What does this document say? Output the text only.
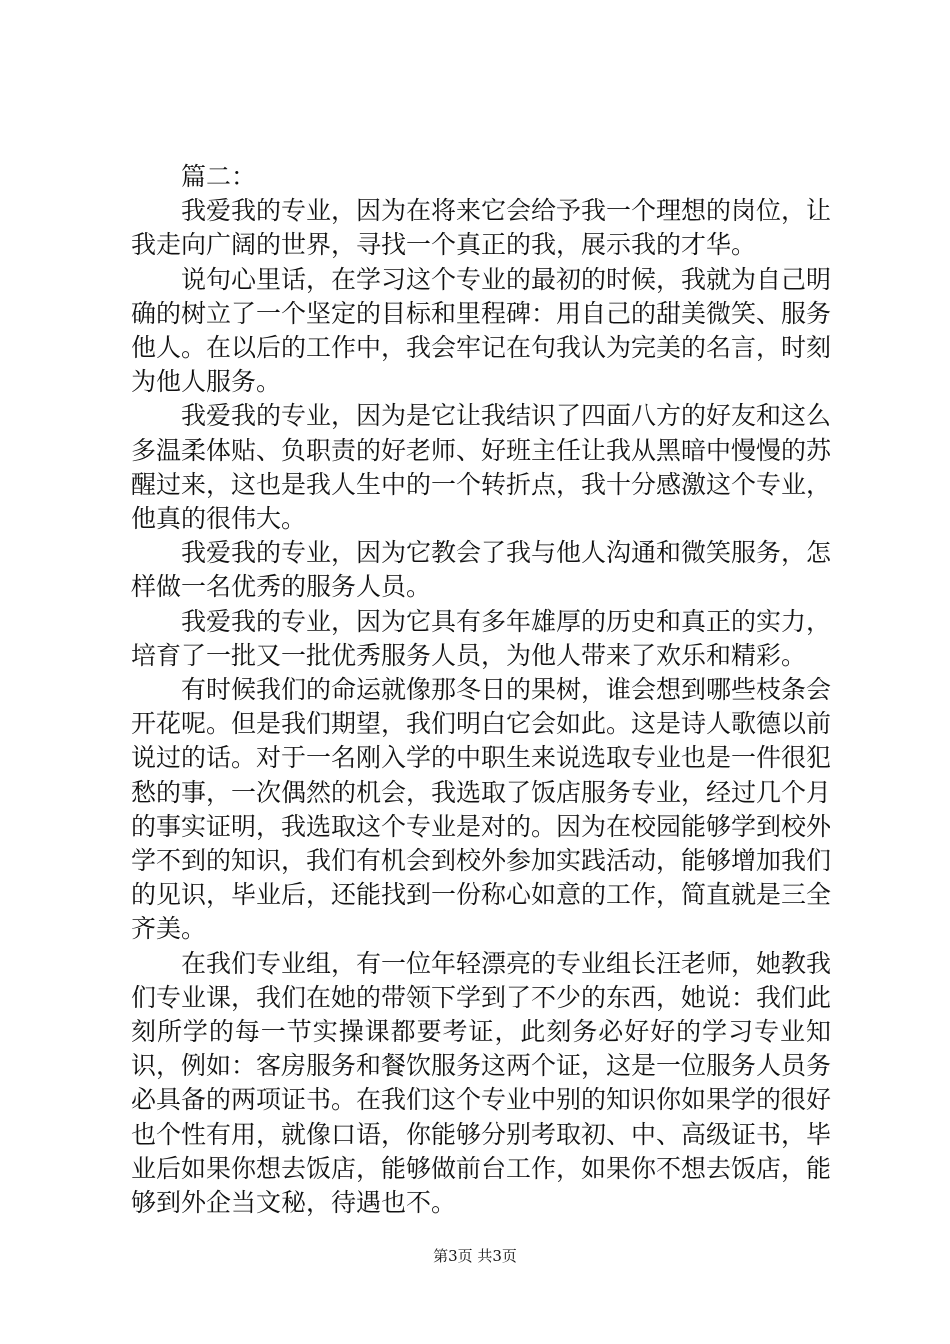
篇二：

我爱我的专业，因为在将来它会给予我一个理想的岗位，让我走向广阔的世界，寻找一个真正的我，展示我的才华。

说句心里话，在学习这个专业的最初的时候，我就为自己明确的树立了一个坚定的目标和里程碑：用自己的甜美微笑、服务他人。在以后的工作中，我会牢记在句我认为完美的名言，时刻为他人服务。

我爱我的专业，因为是它让我结识了四面八方的好友和这么多温柔体贴、负职责的好老师、好班主任让我从黑暗中慢慢的苏醒过来，这也是我人生中的一个转折点，我十分感激这个专业，他真的很伟大。

我爱我的专业，因为它教会了我与他人沟通和微笑服务，怎样做一名优秀的服务人员。

我爱我的专业，因为它具有多年雄厚的历史和真正的实力，培育了一批又一批优秀服务人员，为他人带来了欢乐和精彩。

有时候我们的命运就像那冬日的果树，谁会想到哪些枝条会开花呢。但是我们期望，我们明白它会如此。这是诗人歌德以前说过的话。对于一名刚入学的中职生来说选取专业也是一件很犯愁的事，一次偶然的机会，我选取了饭店服务专业，经过几个月的事实证明，我选取这个专业是对的。因为在校园能够学到校外学不到的知识，我们有机会到校外参加实践活动，能够增加我们的见识，毕业后，还能找到一份称心如意的工作，简直就是三全齐美。

在我们专业组，有一位年轻漂亮的专业组长汪老师，她教我们专业课，我们在她的带领下学到了不少的东西，她说：我们此刻所学的每一节实操课都要考证，此刻务必好好的学习专业知识，例如：客房服务和餐饮服务这两个证，这是一位服务人员务必具备的两项证书。在我们这个专业中别的知识你如果学的很好也个性有用，就像口语，你能够分别考取初、中、高级证书，毕业后如果你想去饭店，能够做前台工作，如果你不想去饭店，能够到外企当文秘，待遇也不。

第3页 共3页
